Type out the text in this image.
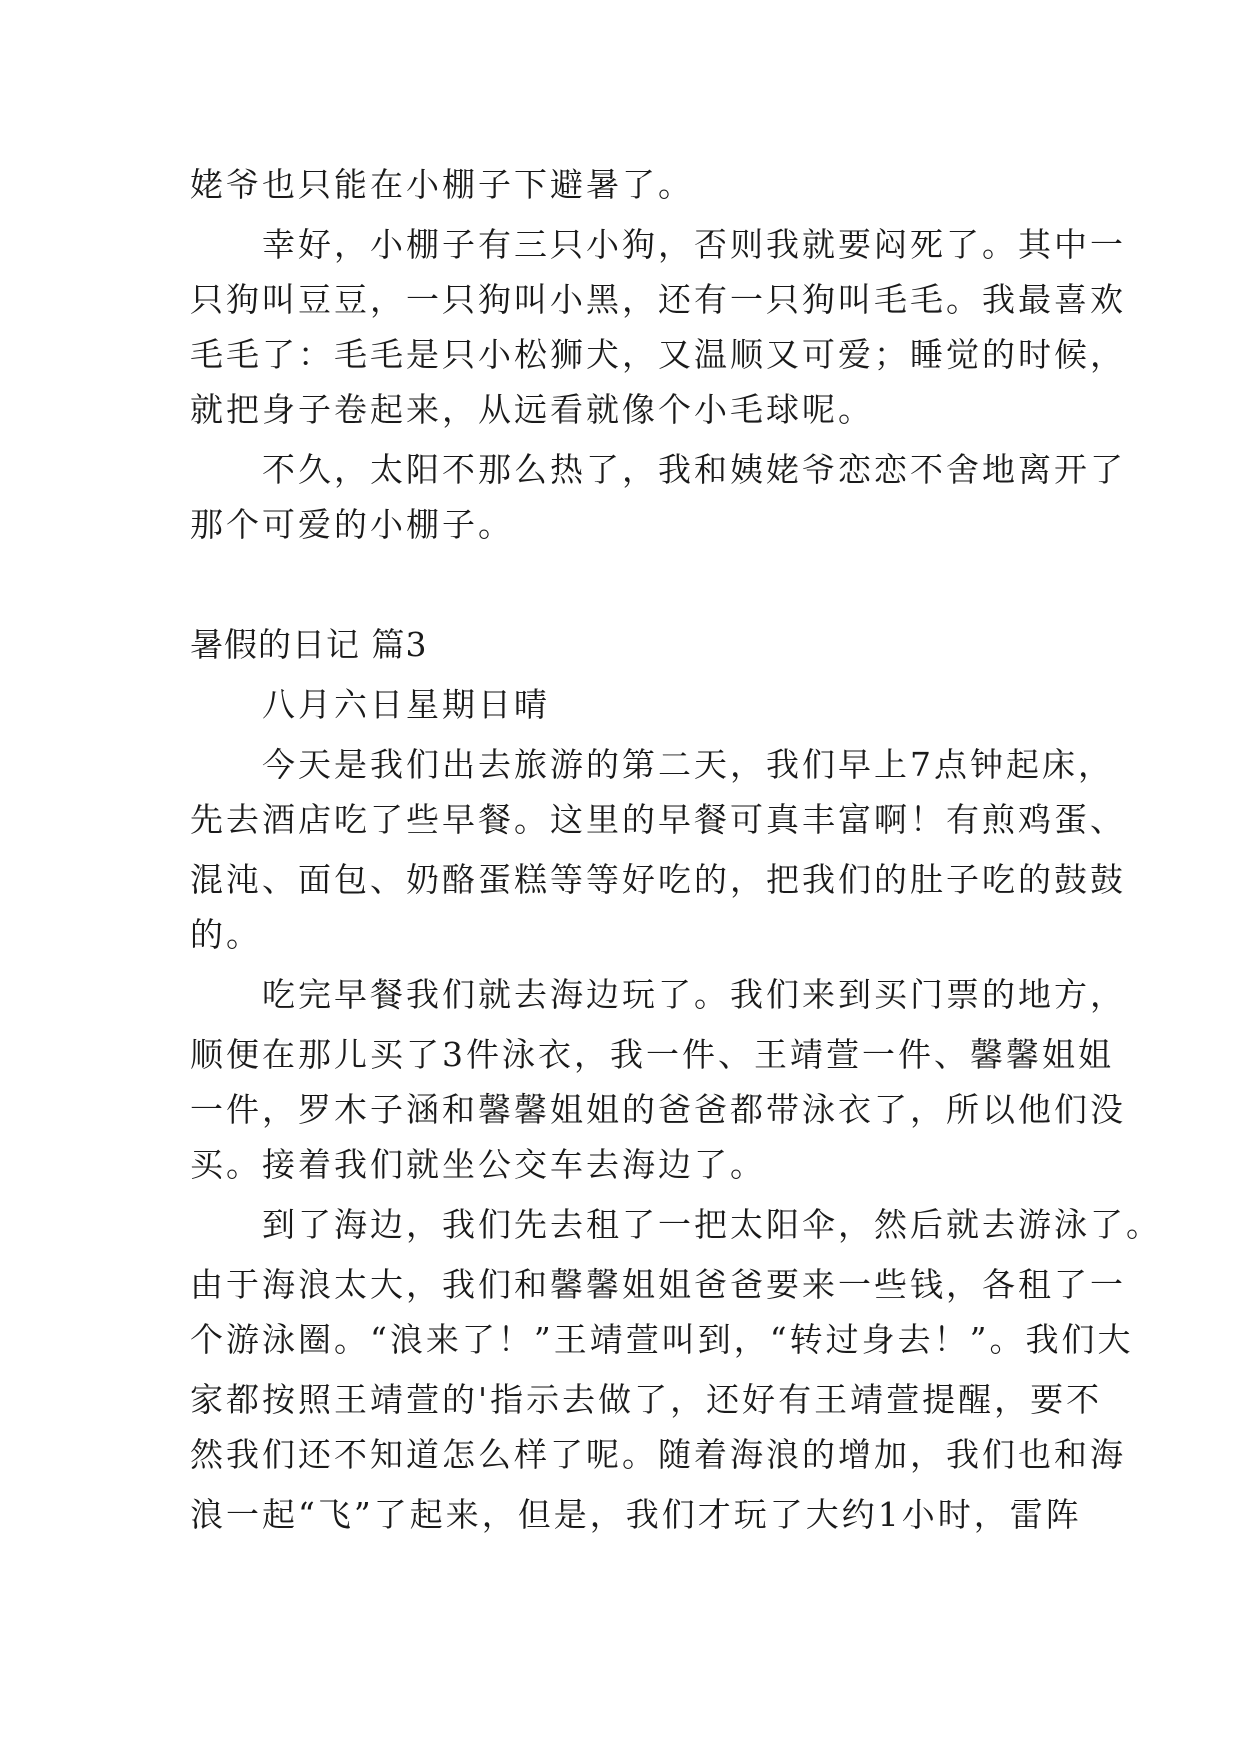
姥爷也只能在小棚子下避暑了。
　　幸好，小棚子有三只小狗，否则我就要闷死了。其中一
只狗叫豆豆，一只狗叫小黑，还有一只狗叫毛毛。我最喜欢
毛毛了：毛毛是只小松狮犬，又温顺又可爱；睡觉的时候，
就把身子卷起来，从远看就像个小毛球呢。
　　不久，太阳不那么热了，我和姨姥爷恋恋不舍地离开了
那个可爱的小棚子。
暑假的日记 篇3
　　八月六日星期日晴
　　今天是我们出去旅游的第二天，我们早上7点钟起床，
先去酒店吃了些早餐。这里的早餐可真丰富啊！有煎鸡蛋、
混沌、面包、奶酪蛋糕等等好吃的，把我们的肚子吃的鼓鼓
的。
　　吃完早餐我们就去海边玩了。我们来到买门票的地方，
顺便在那儿买了3件泳衣，我一件、王靖萱一件、馨馨姐姐
一件，罗木子涵和馨馨姐姐的爸爸都带泳衣了，所以他们没
买。接着我们就坐公交车去海边了。
　　到了海边，我们先去租了一把太阳伞，然后就去游泳了。
由于海浪太大，我们和馨馨姐姐爸爸要来一些钱，各租了一
个游泳圈。“浪来了！”王靖萱叫到，“转过身去！”。我们大
家都按照王靖萱的'指示去做了，还好有王靖萱提醒，要不
然我们还不知道怎么样了呢。随着海浪的增加，我们也和海
浪一起“飞”了起来，但是，我们才玩了大约1小时，雷阵
